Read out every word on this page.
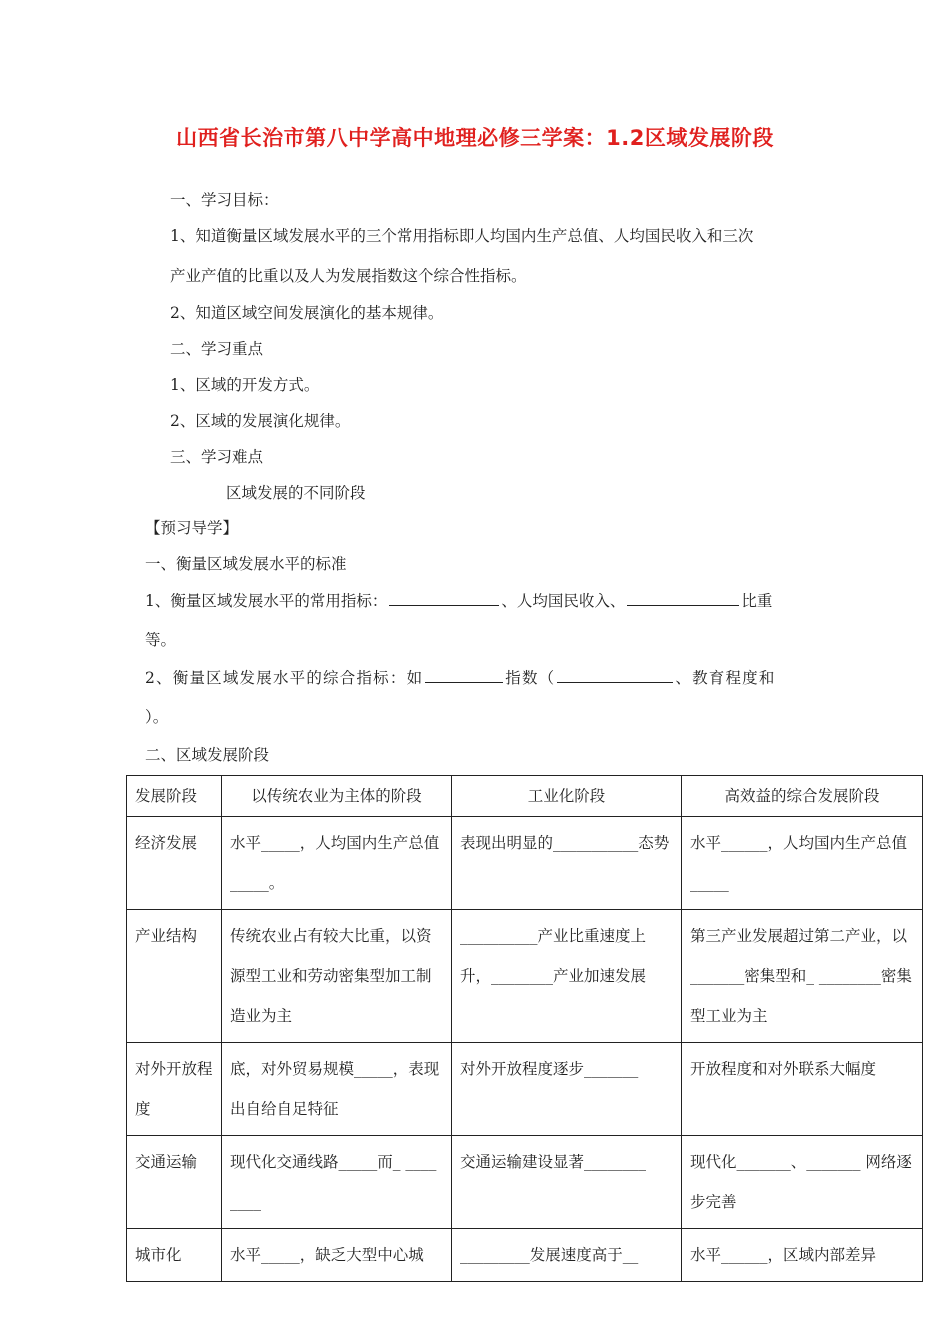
山西省长治市第八中学高中地理必修三学案：1.2区域发展阶段
一、学习目标：
1、知道衡量区域发展水平的三个常用指标即人均国内生产总值、人均国民收入和三次
产业产值的比重以及人为发展指数这个综合性指标。
2、知道区域空间发展演化的基本规律。
二、学习重点
1、区域的开发方式。
2、区域的发展演化规律。
三、学习难点
区域发展的不同阶段
【预习导学】
一、衡量区域发展水平的标准
1、衡量区域发展水平的常用指标：	、人均国民收入、	比重
等。
2、衡量区域发展水平的综合指标：如	指数（	、教育程度和
）。
二、区域发展阶段
发展阶段	以传统农业为主体的阶段	工业化阶段	高效益的综合发展阶段
经济发展	水平_____，人均国内生产总值_____。	表现出明显的___________态势	水平______，人均国内生产总值_____
产业结构	传统农业占有较大比重，以资源型工业和劳动密集型加工制造业为主	__________产业比重速度上升，________产业加速发展	第三产业发展超过第二产业，以_______密集型和_ ________密集型工业为主
对外开放程度	底，对外贸易规模_____，表现出自给自足特征	对外开放程度逐步_______	开放程度和对外联系大幅度
交通运输	现代化交通线路_____而_ ________	交通运输建设显著________	现代化_______、_______ 网络逐步完善
城市化	水平_____，缺乏大型中心城	_________发展速度高于__	水平______，区域内部差异
